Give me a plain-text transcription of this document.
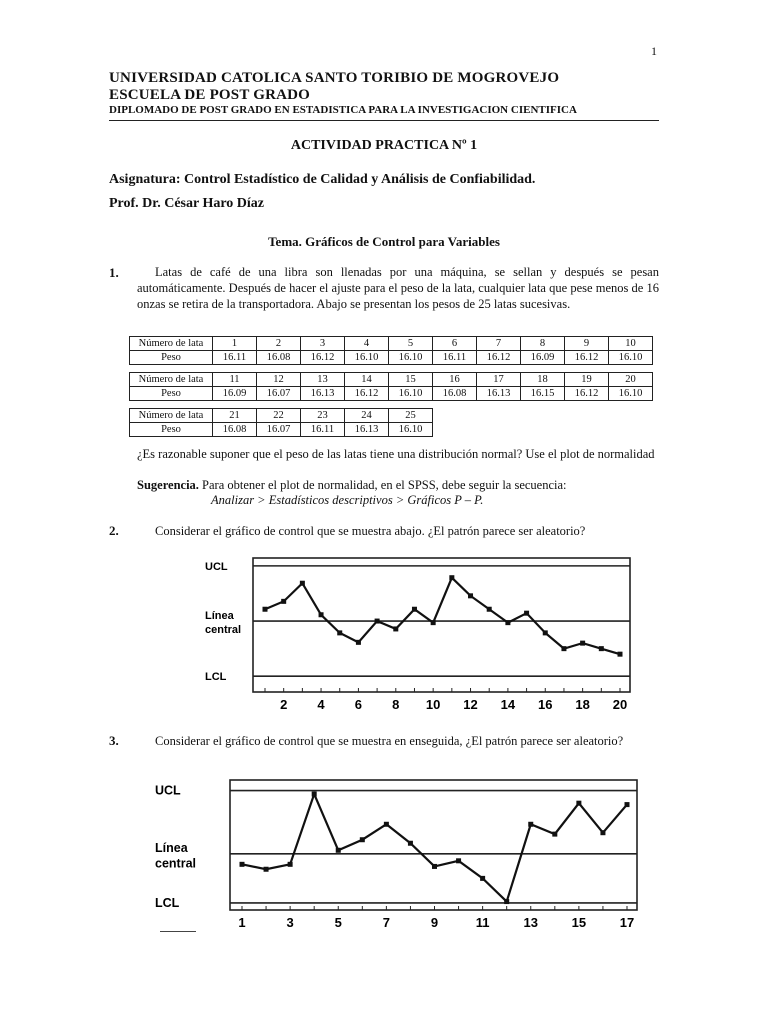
1
UNIVERSIDAD CATOLICA SANTO TORIBIO DE MOGROVEJO
ESCUELA DE POST GRADO
DIPLOMADO DE POST GRADO EN ESTADISTICA PARA LA INVESTIGACION CIENTIFICA
ACTIVIDAD PRACTICA Nº 1
Asignatura: Control Estadístico de Calidad y Análisis de Confiabilidad.
Prof. Dr. César Haro Díaz
Tema. Gráficos de Control para Variables
1.	Latas de café de una libra son llenadas por una máquina, se sellan y después se pesan automáticamente. Después de hacer el ajuste para el peso de la lata, cualquier lata que pese menos de 16 onzas se retira de la transportadora. Abajo se presentan los pesos de 25 latas sucesivas.
Número de lata	1	2	3	4	5	6	7	8	9	10
Peso	16.11	16.08	16.12	16.10	16.10	16.11	16.12	16.09	16.12	16.10
Número de lata	11	12	13	14	15	16	17	18	19	20
Peso	16.09	16.07	16.13	16.12	16.10	16.08	16.13	16.15	16.12	16.10
Número de lata	21	22	23	24	25
Peso	16.08	16.07	16.11	16.13	16.10
¿Es razonable suponer que el peso de las latas tiene una distribución normal? Use el plot de normalidad
Sugerencia. Para obtener el plot de normalidad, en el SPSS, debe seguir la secuencia:
Analizar > Estadísticos descriptivos > Gráficos P – P.
2.	Considerar el gráfico de control que se muestra abajo. ¿El patrón parece ser aleatorio?
UCL
Línea
central
LCL
2 4 6 8 10 12 14 16 18 20
3.	Considerar el gráfico de control que se muestra en enseguida, ¿El patrón parece ser aleatorio?
UCL
Línea
central
LCL
1	3	5	7	9	11	13	15	17
